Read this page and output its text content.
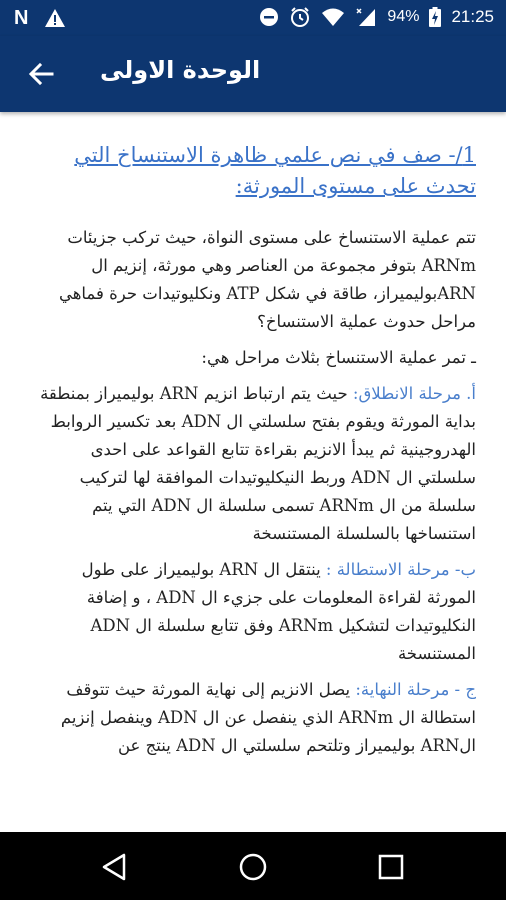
N	94% 21:25
الوحدة الاولى
1/- صف في نص علمي ظاهرة الاستنساخ التي تحدث على مستوى المورثة:
تتم عملية الاستنساخ على مستوى النواة، حيث تركب جزيئات ARNm بتوفر مجموعة من العناصر وهي مورثة، إنزيم ال ARNبوليميراز، طاقة في شكل ATP ونكليوتيدات حرة فماهي مراحل حدوث عملية الاستنساخ؟
ـ تمر عملية الاستنساخ بثلاث مراحل هي:
أ. مرحلة الانطلاق: حيث يتم ارتباط انزيم ARN بوليميراز بمنطقة بداية المورثة ويقوم بفتح سلسلتي ال ADN بعد تكسير الروابط الهدروجينية ثم يبدأ الانزيم بقراءة تتابع القواعد على احدى سلسلتي ال ADN وربط النيكليوتيدات الموافقة لها لتركيب سلسلة من ال ARNm تسمى سلسلة ال ADN التي يتم استنساخها بالسلسلة المستنسخة
ب- مرحلة الاستطالة : ينتقل ال ARN بوليميراز على طول المورثة لقراءة المعلومات على جزيء ال ADN ، و إضافة النكليوتيدات لتشكيل ARNm وفق تتابع سلسلة ال ADN المستنسخة
ج - مرحلة النهاية: يصل الانزيم إلى نهاية المورثة حيث تتوقف استطالة ال ARNm الذي ينفصل عن ال ADN وينفصل إنزيم الARN بوليميراز وتلتحم سلسلتي ال ADN ينتج عن
